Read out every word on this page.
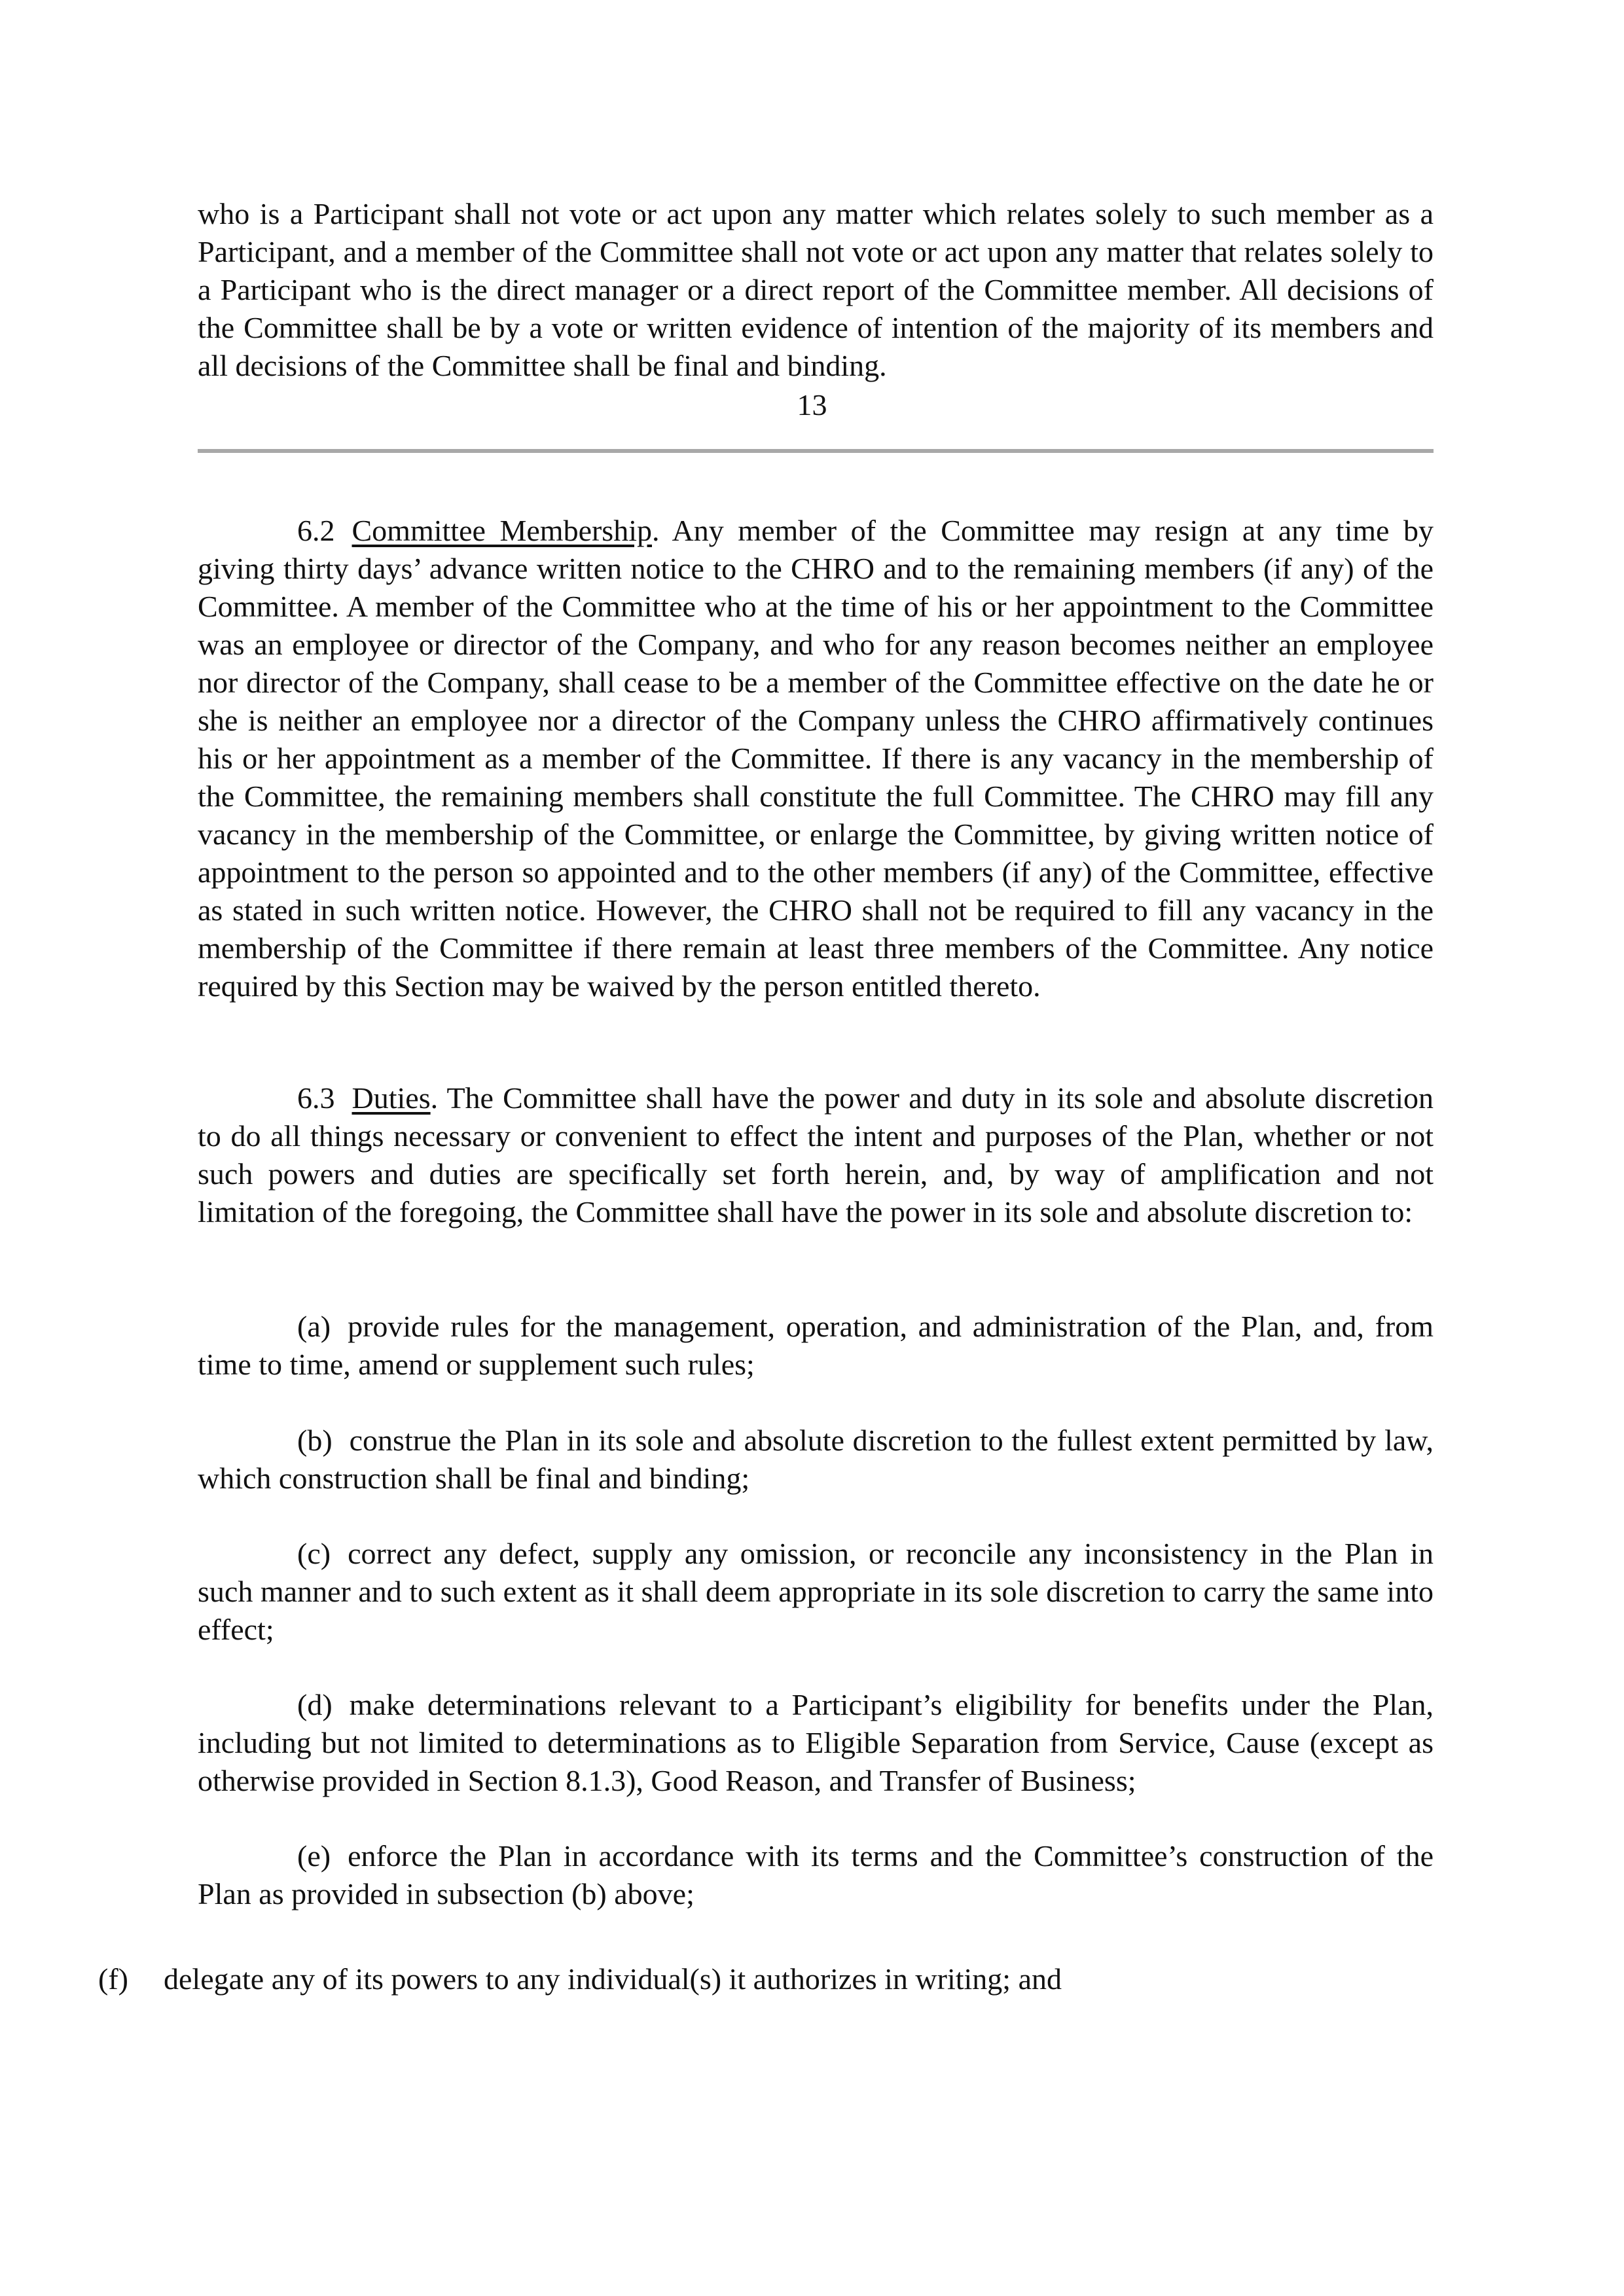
who is a Participant shall not vote or act upon any matter which relates solely to such member as a Participant, and a member of the Committee shall not vote or act upon any matter that relates solely to a Participant who is the direct manager or a direct report of the Committee member. All decisions of the Committee shall be by a vote or written evidence of intention of the majority of its members and all decisions of the Committee shall be final and binding.

13

6.2 Committee Membership. Any member of the Committee may resign at any time by giving thirty days’ advance written notice to the CHRO and to the remaining members (if any) of the Committee. A member of the Committee who at the time of his or her appointment to the Committee was an employee or director of the Company, and who for any reason becomes neither an employee nor director of the Company, shall cease to be a member of the Committee effective on the date he or she is neither an employee nor a director of the Company unless the CHRO affirmatively continues his or her appointment as a member of the Committee. If there is any vacancy in the membership of the Committee, the remaining members shall constitute the full Committee. The CHRO may fill any vacancy in the membership of the Committee, or enlarge the Committee, by giving written notice of appointment to the person so appointed and to the other members (if any) of the Committee, effective as stated in such written notice. However, the CHRO shall not be required to fill any vacancy in the membership of the Committee if there remain at least three members of the Committee. Any notice required by this Section may be waived by the person entitled thereto.

6.3 Duties. The Committee shall have the power and duty in its sole and absolute discretion to do all things necessary or convenient to effect the intent and purposes of the Plan, whether or not such powers and duties are specifically set forth herein, and, by way of amplification and not limitation of the foregoing, the Committee shall have the power in its sole and absolute discretion to:

(a) provide rules for the management, operation, and administration of the Plan, and, from time to time, amend or supplement such rules;

(b) construe the Plan in its sole and absolute discretion to the fullest extent permitted by law, which construction shall be final and binding;

(c) correct any defect, supply any omission, or reconcile any inconsistency in the Plan in such manner and to such extent as it shall deem appropriate in its sole discretion to carry the same into effect;

(d) make determinations relevant to a Participant’s eligibility for benefits under the Plan, including but not limited to determinations as to Eligible Separation from Service, Cause (except as otherwise provided in Section 8.1.3), Good Reason, and Transfer of Business;

(e) enforce the Plan in accordance with its terms and the Committee’s construction of the Plan as provided in subsection (b) above;

(f) delegate any of its powers to any individual(s) it authorizes in writing; and
